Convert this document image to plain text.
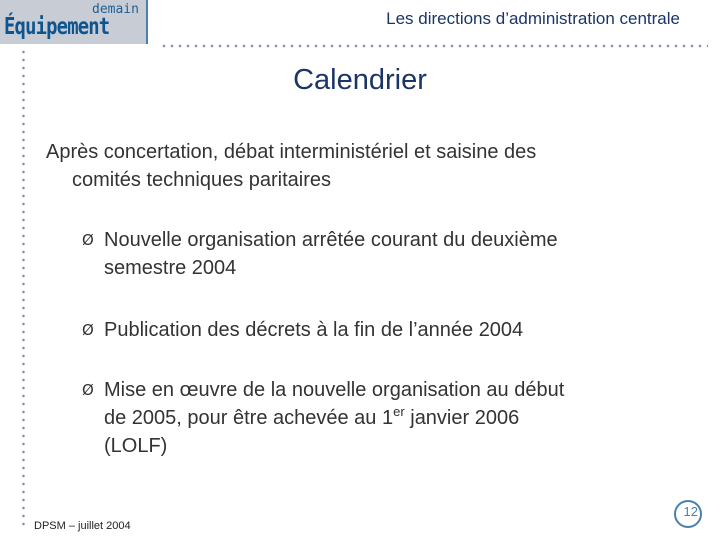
demain
Équipement	Les directions d’administration centrale
Calendrier
Après concertation, débat interministériel et saisine des
comités techniques paritaires
Ø Nouvelle organisation arrêtée courant du deuxième
semestre 2004
Ø Publication des décrets à la fin de l’année 2004
Ø Mise en œuvre de la nouvelle organisation au début
de 2005, pour être achevée au 1er janvier 2006
(LOLF)
DPSM – juillet 2004
12
